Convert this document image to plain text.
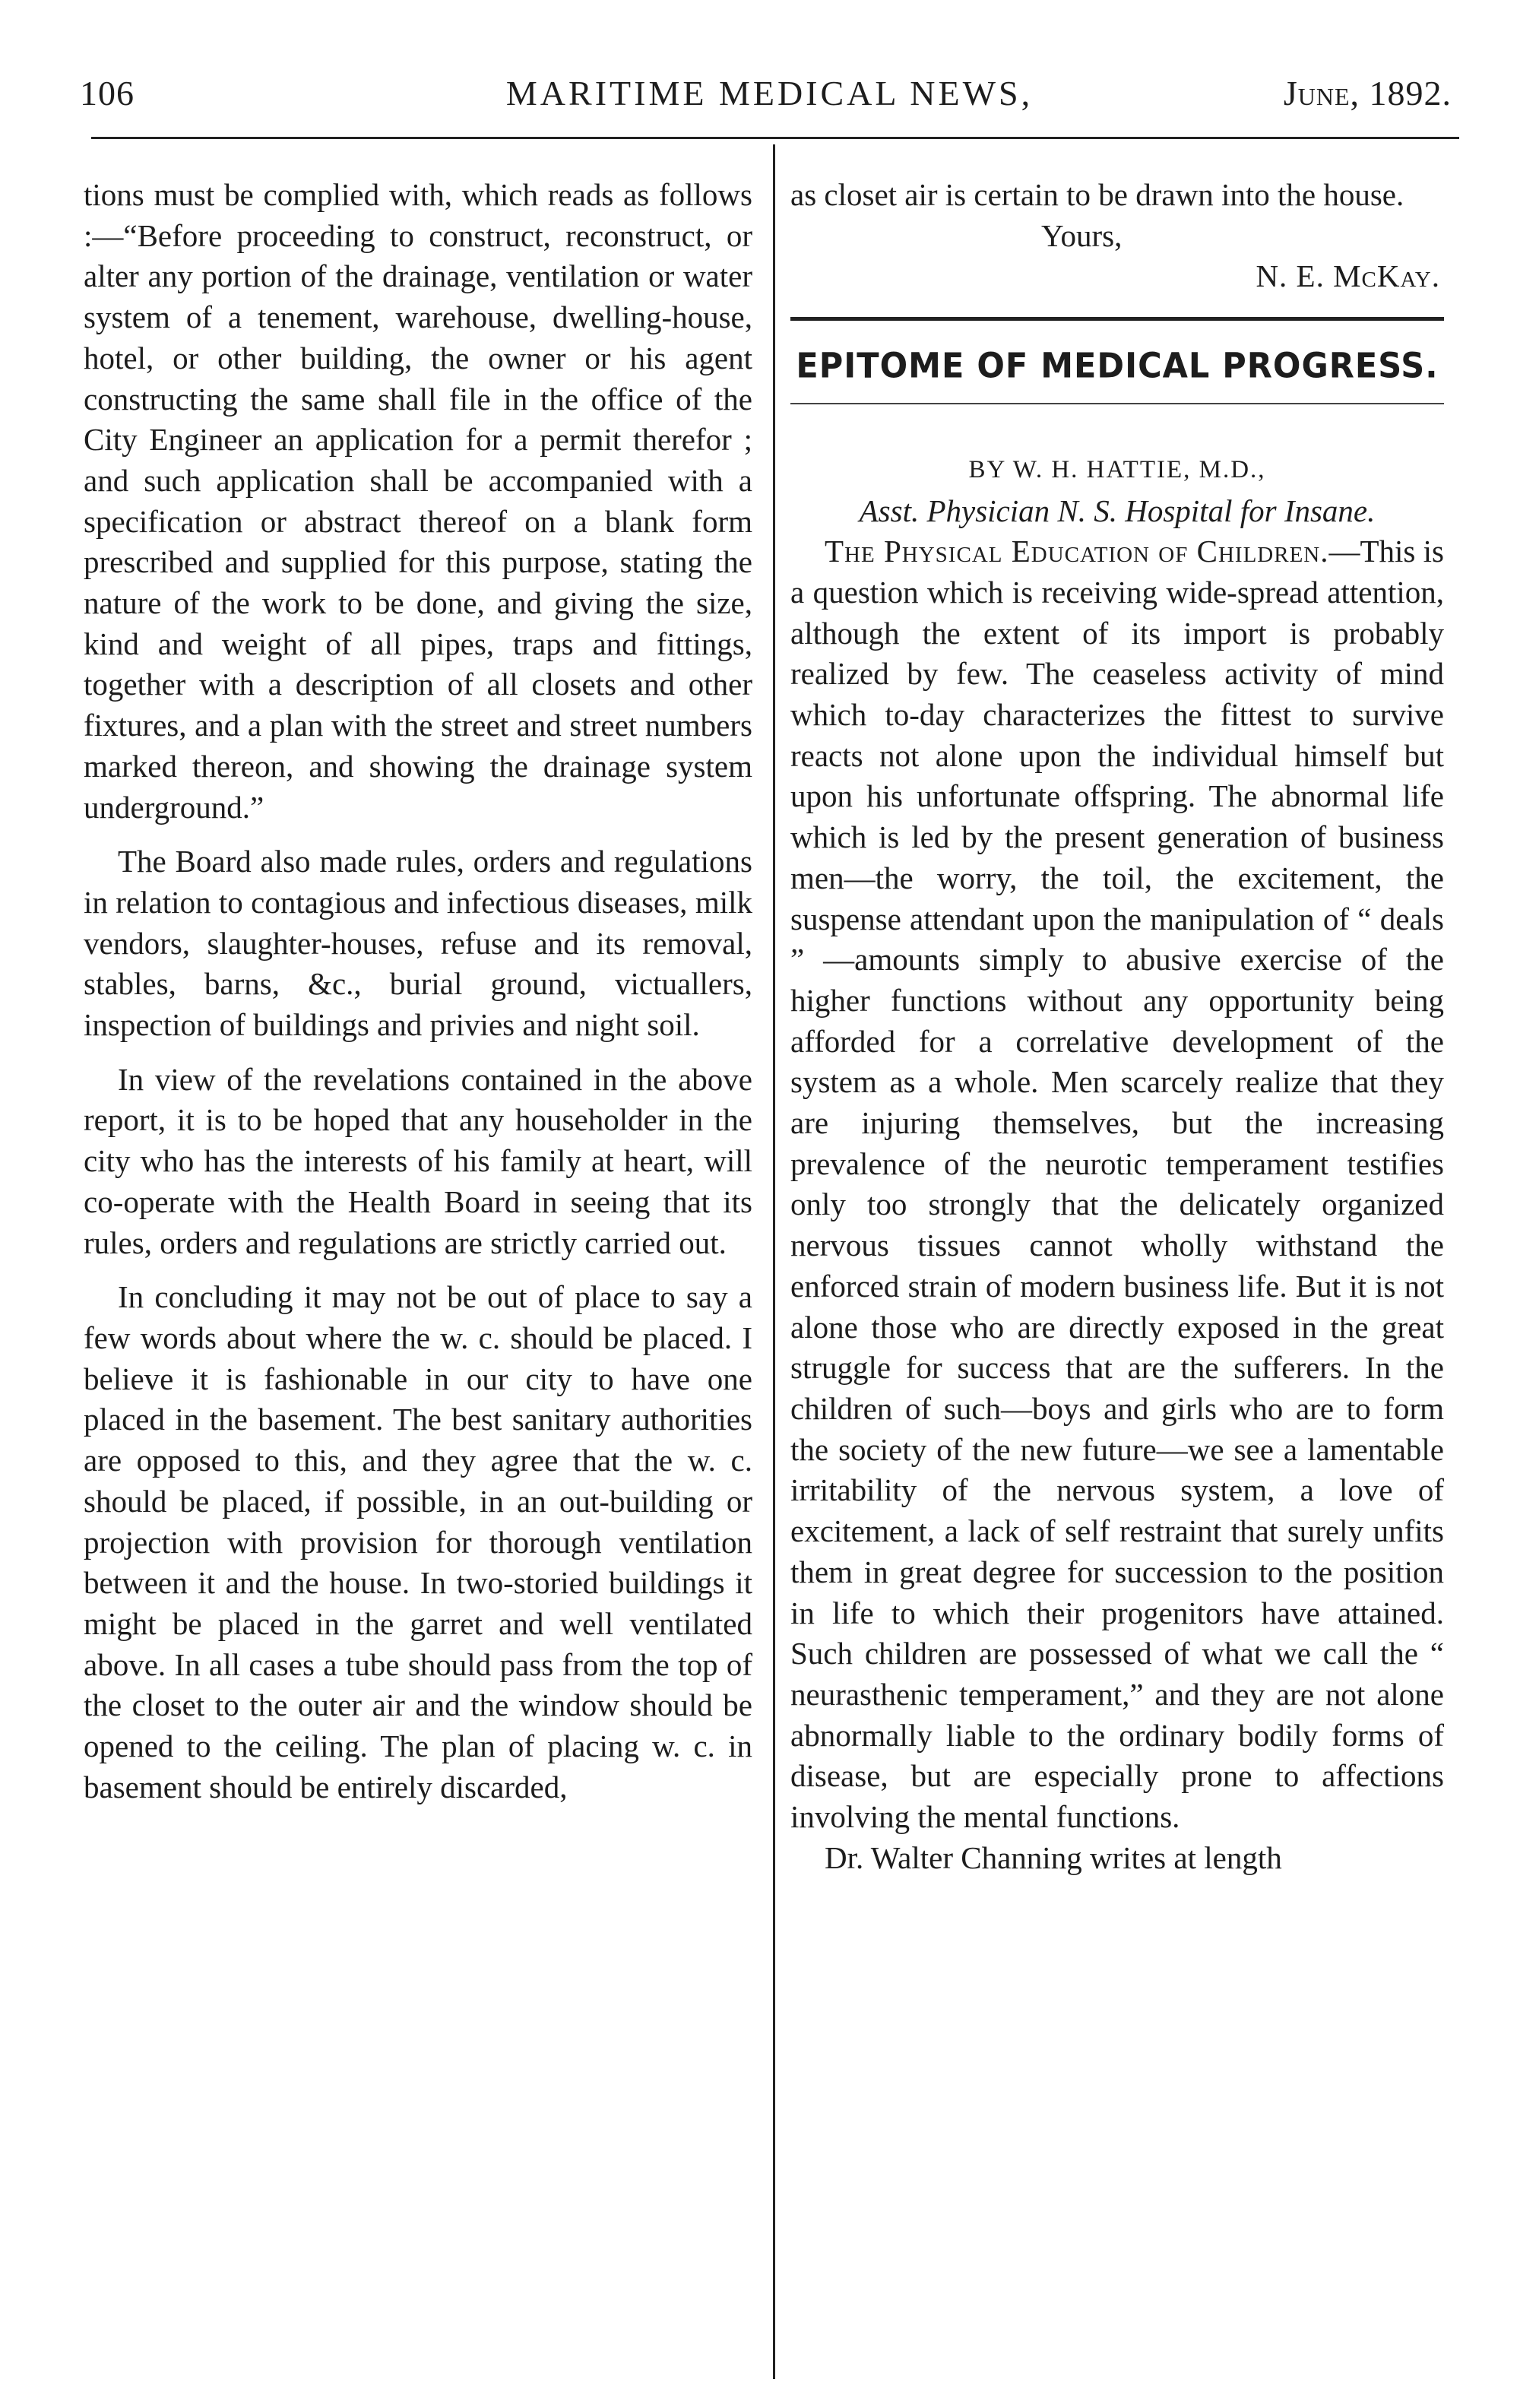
106	MARITIME MEDICAL NEWS,	June, 1892.

tions must be complied with, which reads as follows :—“Before proceeding to construct, reconstruct, or alter any portion of the drainage, ventilation or water system of a tenement, warehouse, dwelling-house, hotel, or other building, the owner or his agent constructing the same shall file in the office of the City Engineer an application for a permit therefor ; and such application shall be accompanied with a specification or abstract thereof on a blank form prescribed and supplied for this purpose, stating the nature of the work to be done, and giving the size, kind and weight of all pipes, traps and fittings, together with a description of all closets and other fixtures, and a plan with the street and street numbers marked thereon, and showing the drainage system underground.”

The Board also made rules, orders and regulations in relation to contagious and infectious diseases, milk vendors, slaughter-houses, refuse and its removal, stables, barns, &c., burial ground, victuallers, inspection of buildings and privies and night soil.

In view of the revelations contained in the above report, it is to be hoped that any householder in the city who has the interests of his family at heart, will co-operate with the Health Board in seeing that its rules, orders and regulations are strictly carried out.

In concluding it may not be out of place to say a few words about where the w. c. should be placed. I believe it is fashionable in our city to have one placed in the basement. The best sanitary authorities are opposed to this, and they agree that the w. c. should be placed, if possible, in an out-building or projection with provision for thorough ventilation between it and the house. In two-storied buildings it might be placed in the garret and well ventilated above. In all cases a tube should pass from the top of the closet to the outer air and the window should be opened to the ceiling. The plan of placing w. c. in basement should be entirely discarded,

as closet air is certain to be drawn into the house.

Yours,

N. E. McKay.

EPITOME OF MEDICAL PROGRESS.

BY W. H. HATTIE, M.D.,

Asst. Physician N. S. Hospital for Insane.

The Physical Education of Children.—This is a question which is receiving wide-spread attention, although the extent of its import is probably realized by few. The ceaseless activity of mind which to-day characterizes the fittest to survive reacts not alone upon the individual himself but upon his unfortunate offspring. The abnormal life which is led by the present generation of business men—the worry, the toil, the excitement, the suspense attendant upon the manipulation of “ deals ” —amounts simply to abusive exercise of the higher functions without any opportunity being afforded for a correlative development of the system as a whole. Men scarcely realize that they are injuring themselves, but the increasing prevalence of the neurotic temperament testifies only too strongly that the delicately organized nervous tissues cannot wholly withstand the enforced strain of modern business life. But it is not alone those who are directly exposed in the great struggle for success that are the sufferers. In the children of such—boys and girls who are to form the society of the new future—we see a lamentable irritability of the nervous system, a love of excitement, a lack of self restraint that surely unfits them in great degree for succession to the position in life to which their progenitors have attained. Such children are possessed of what we call the “ neurasthenic temperament,” and they are not alone abnormally liable to the ordinary bodily forms of disease, but are especially prone to affections involving the mental functions.

Dr. Walter Channing writes at length
